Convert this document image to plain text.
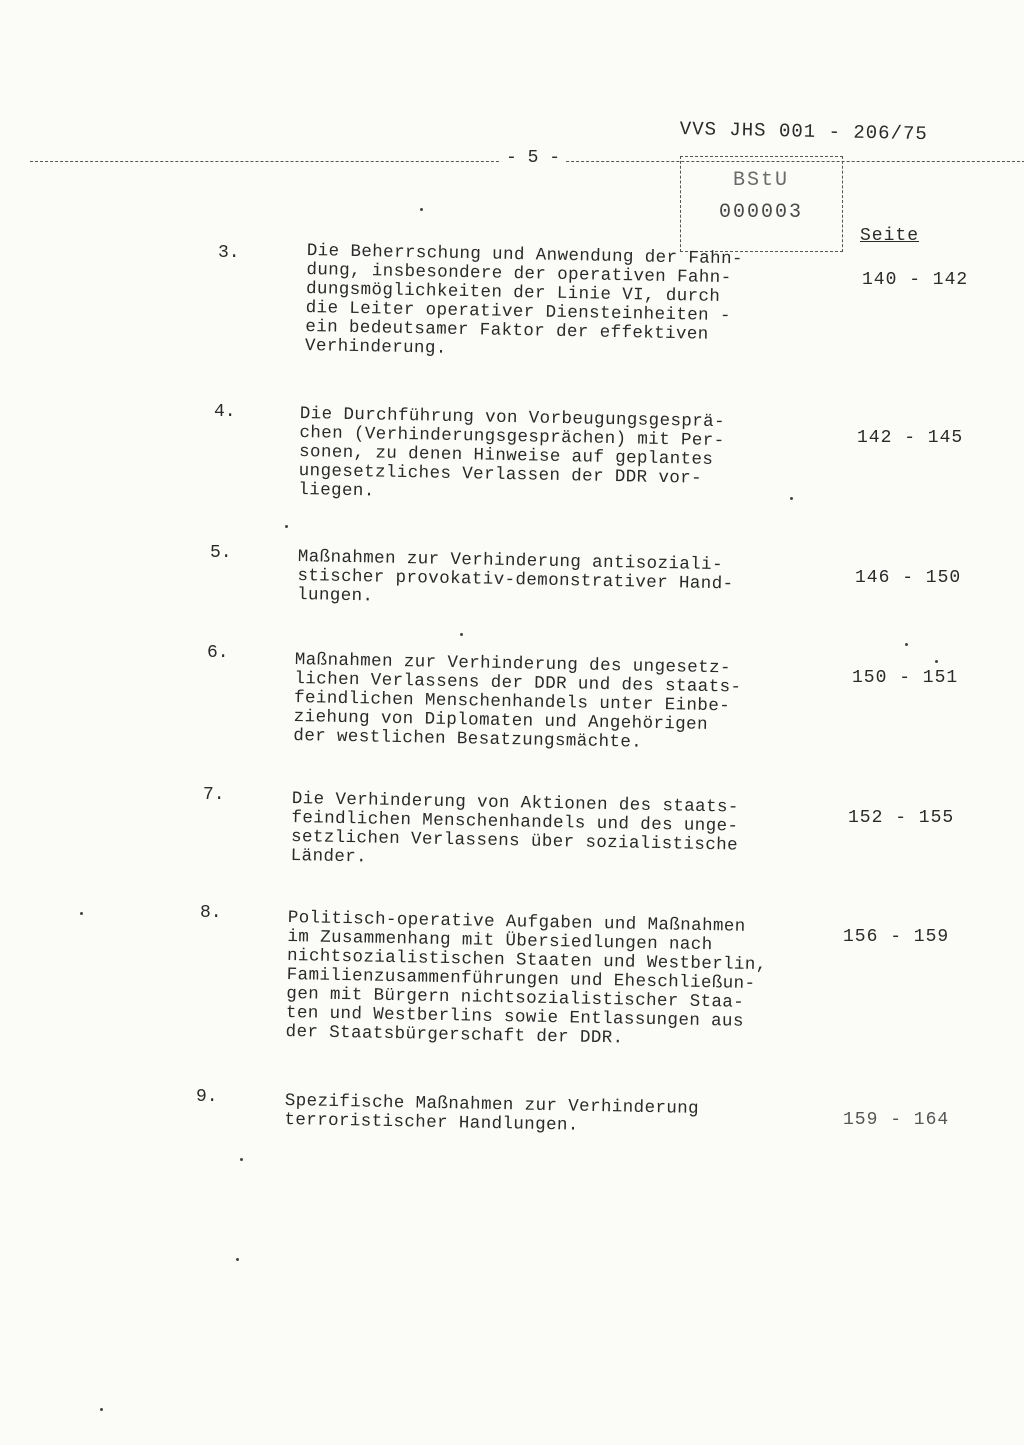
VVS JHS 001 - 206/75
- 5 -
BStU
000003
Seite
3.	Die Beherrschung und Anwendung der Fahn-
dung, insbesondere der operativen Fahn-
dungsmöglichkeiten der Linie VI, durch
die Leiter operativer Diensteinheiten -
ein bedeutsamer Faktor der effektiven
Verhinderung.
140 - 142
4.	Die Durchführung von Vorbeugungsgesprä-
chen (Verhinderungsgesprächen) mit Per-
sonen, zu denen Hinweise auf geplantes
ungesetzliches Verlassen der DDR vor-
liegen.
142 - 145
5.	Maßnahmen zur Verhinderung antisoziali-
stischer provokativ-demonstrativer Hand-
lungen.
146 - 150
6.	Maßnahmen zur Verhinderung des ungesetz-
lichen Verlassens der DDR und des staats-
feindlichen Menschenhandels unter Einbe-
ziehung von Diplomaten und Angehörigen
der westlichen Besatzungsmächte.
150 - 151
7.	Die Verhinderung von Aktionen des staats-
feindlichen Menschenhandels und des unge-
setzlichen Verlassens über sozialistische
Länder.
152 - 155
8.	Politisch-operative Aufgaben und Maßnahmen
im Zusammenhang mit Übersiedlungen nach
nichtsozialistischen Staaten und Westberlin,
Familienzusammenführungen und Eheschließun-
gen mit Bürgern nichtsozialistischer Staa-
ten und Westberlins sowie Entlassungen aus
der Staatsbürgerschaft der DDR.
156 - 159
9.	Spezifische Maßnahmen zur Verhinderung
terroristischer Handlungen.	159 - 164
